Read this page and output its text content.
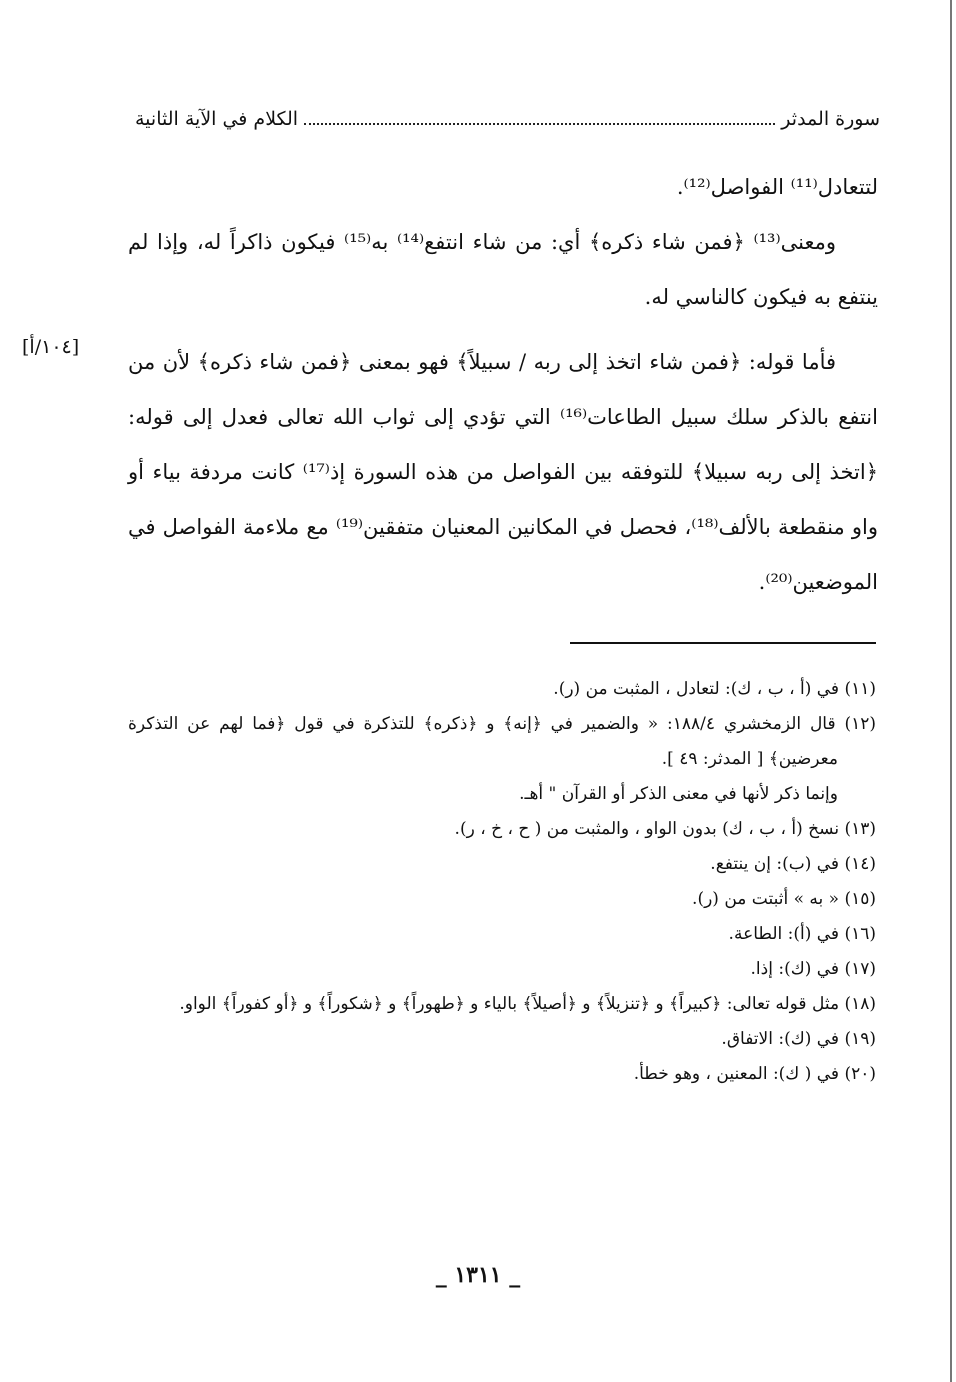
سورة المدثر
الكلام في الآية الثانية

لتتعادل⁽¹¹⁾ الفواصل⁽¹²⁾.

ومعنى⁽¹³⁾ ﴿فمن شاء ذكره﴾ أي: من شاء انتفع⁽¹⁴⁾ به⁽¹⁵⁾ فيكون ذاكراً له، وإذا لم ينتفع به فيكون كالناسي له.

فأما قوله: ﴿فمن شاء اتخذ إلى ربه / سبيلاً﴾ فهو بمعنى ﴿فمن شاء ذكره﴾ لأن من انتفع بالذكر سلك سبيل الطاعات⁽¹⁶⁾ التي تؤدي إلى ثواب الله تعالى فعدل إلى قوله: ﴿اتخذ إلى ربه سبيلا﴾ للتوفقه بين الفواصل من هذه السورة إذ⁽¹⁷⁾ كانت مردفة بياء أو واو منقطعة بالألف⁽¹⁸⁾، فحصل في المكانين المعنيان متفقين⁽¹⁹⁾ مع ملاءمة الفواصل في الموضعين⁽²⁰⁾.

[١٠٤/أ]

(١١) في (أ ، ب ، ك): لتعادل ، المثبت من (ر).

(١٢) قال الزمخشري ١٨٨/٤: « والضمير في ﴿إنه﴾ و ﴿ذكره﴾ للتذكرة في قول ﴿فما لهم عن التذكرة معرضين﴾ [ المدثر: ٤٩ ].

وإنما ذكر لأنها في معنى الذكر أو القرآن " أهـ.

(١٣) نسخ (أ ، ب ، ك) بدون الواو ، والمثبت من ( ح ، خ ، ر).

(١٤) في (ب): إن ينتفع.

(١٥) « به » أثبتت من (ر).

(١٦) في (أ): الطاعة.

(١٧) في (ك): إذا.

(١٨) مثل قوله تعالى: ﴿كبيراً﴾ و ﴿تنزيلاً﴾ و ﴿أصيلاً﴾ بالياء و ﴿طهوراً﴾ و ﴿شكوراً﴾ و ﴿أو كفوراً﴾ الواو.

(١٩) في (ك): الاتفاق.

(٢٠) في ( ك): المعنين ، وهو خطأ.

_ ١٣١١ _
